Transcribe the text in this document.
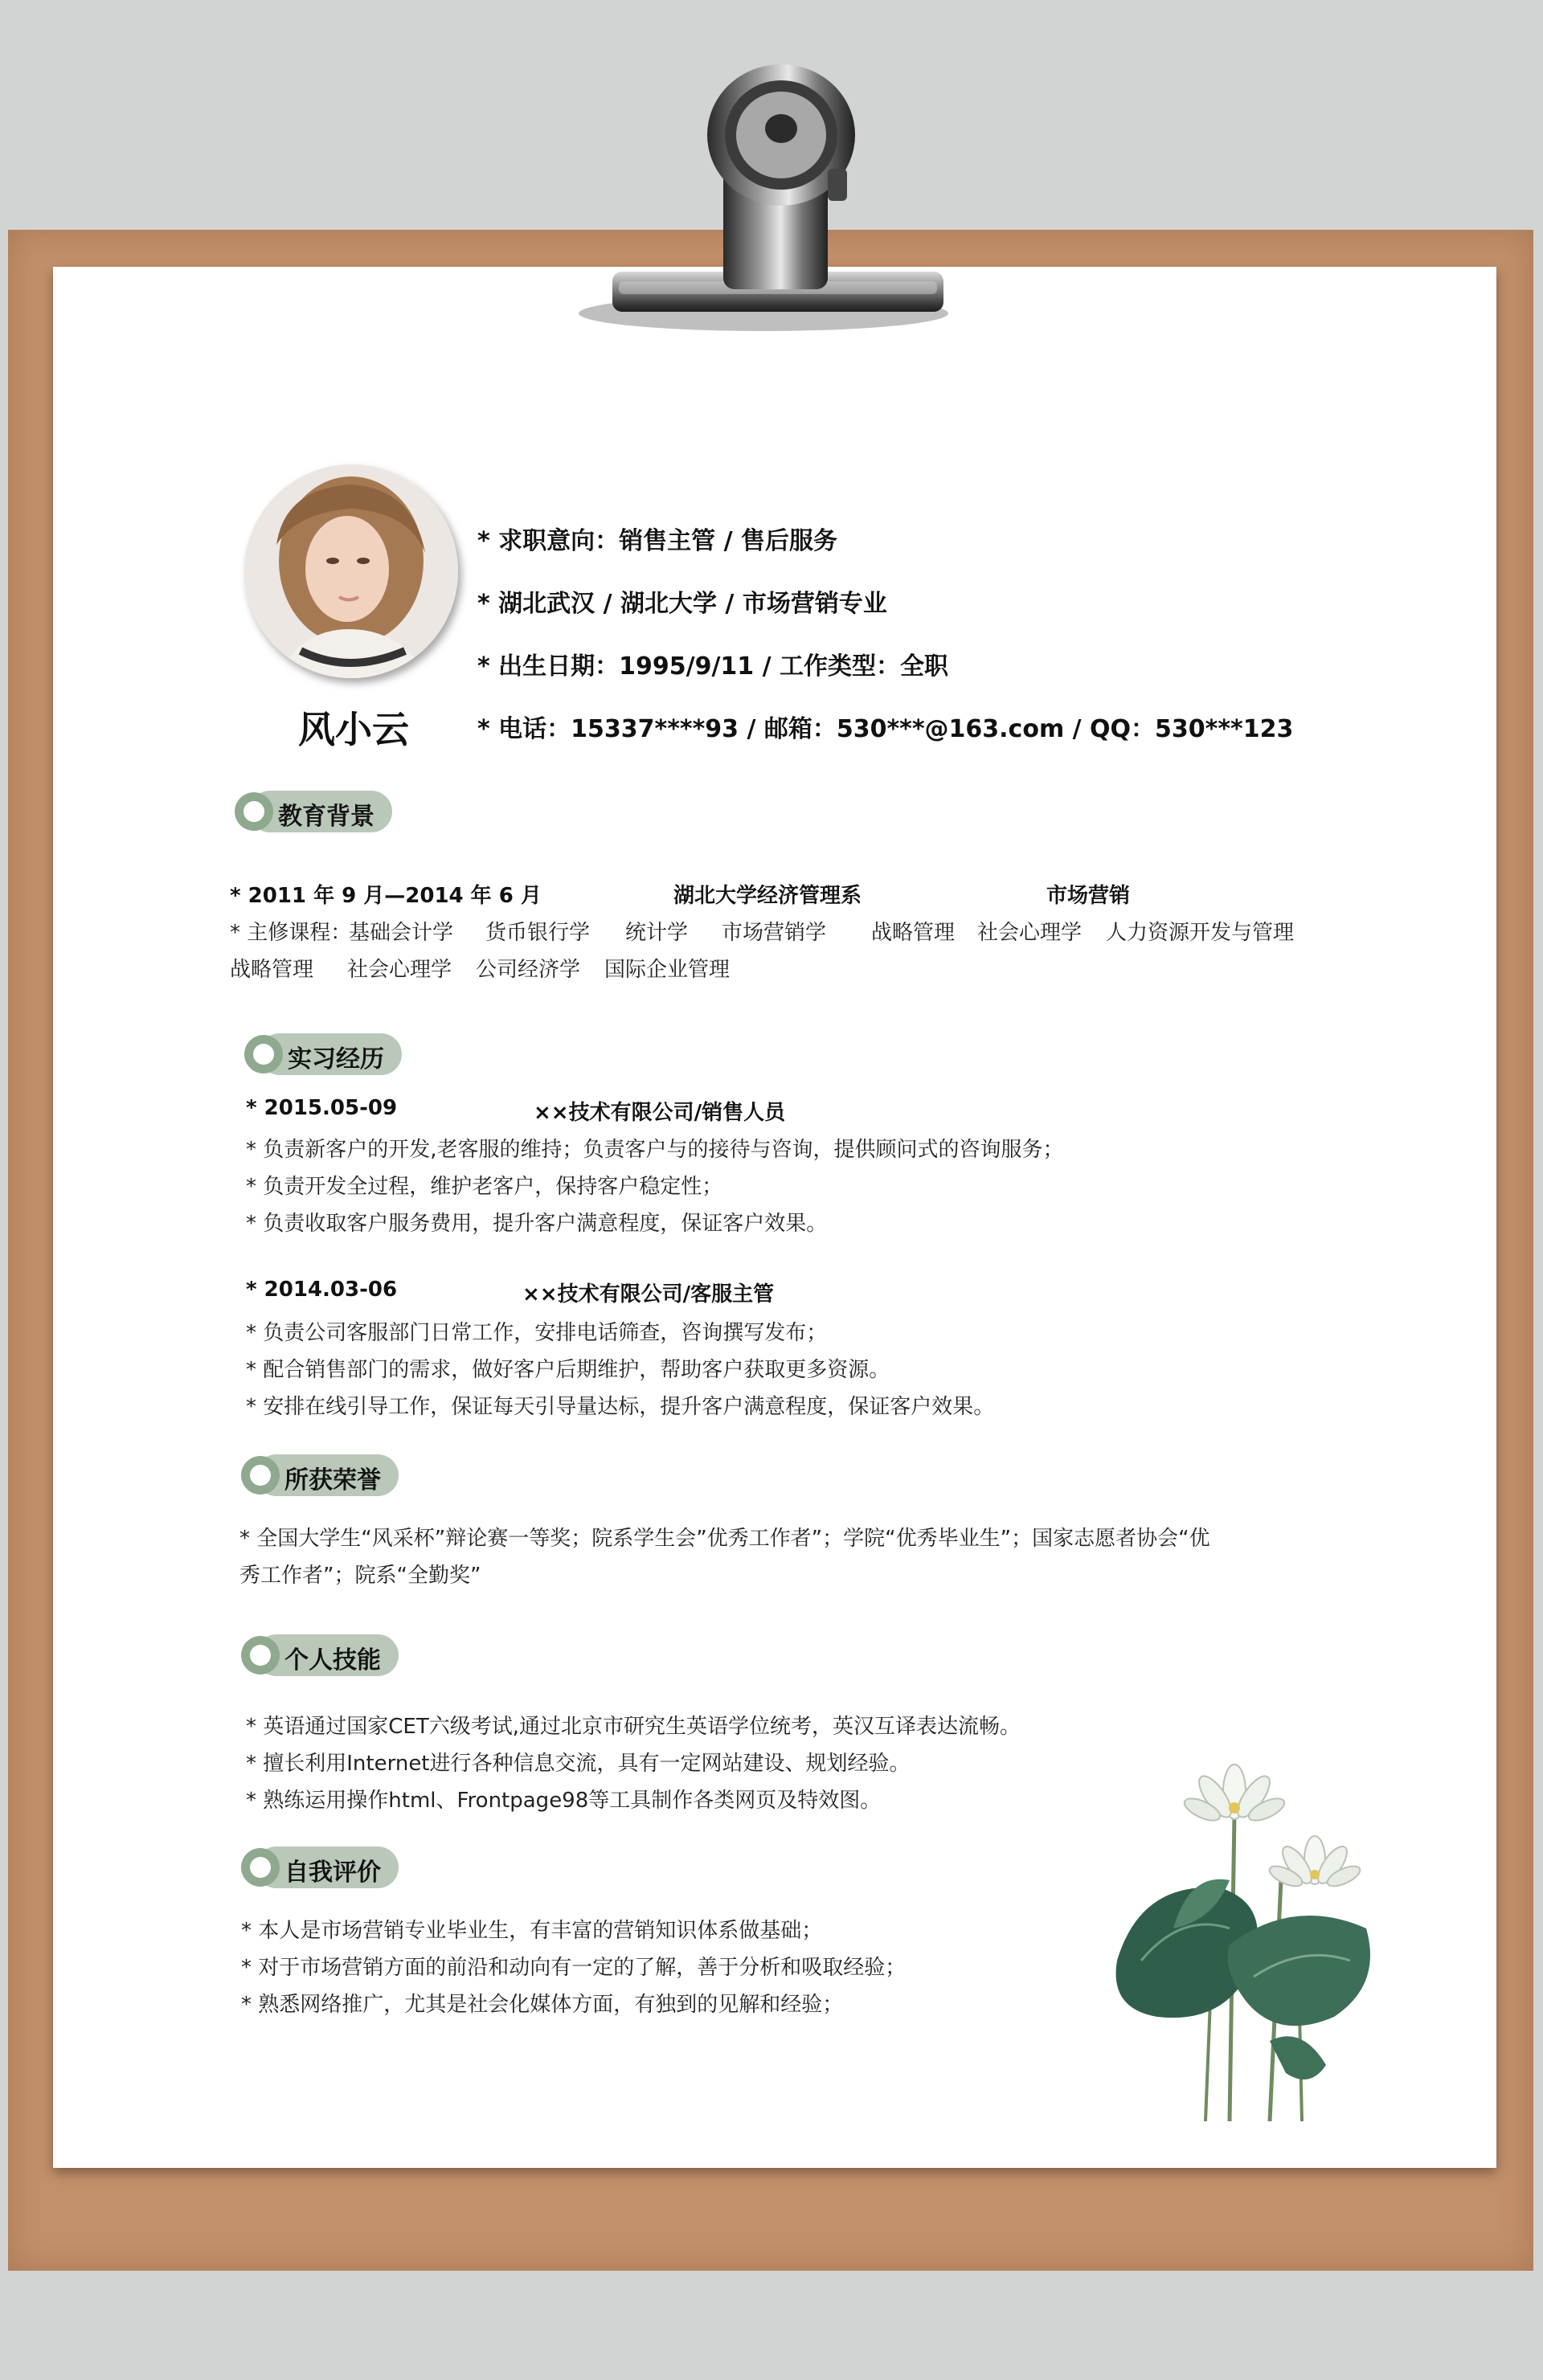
风小云
* 求职意向：销售主管 / 售后服务
* 湖北武汉 / 湖北大学 / 市场营销专业
* 出生日期：1995/9/11 / 工作类型：全职
* 电话：15337****93 / 邮箱：530***@163.com / QQ：530***123
教育背景
* 2011 年 9 月—2014 年 6 月	湖北大学经济管理系	市场营销
* 主修课程：
基础会计学 货币银行学 统计学 市场营销学 战略管理 社会心理学 人力资源开发与管理
战略管理 社会心理学 公司经济学 国际企业管理
实习经历
* 2015.05-09	××技术有限公司/销售人员
* 负责新客户的开发,老客服的维持；负责客户与的接待与咨询，提供顾问式的咨询服务；
* 负责开发全过程，维护老客户，保持客户稳定性；
* 负责收取客户服务费用，提升客户满意程度，保证客户效果。
* 2014.03-06	××技术有限公司/客服主管
* 负责公司客服部门日常工作，安排电话筛查，咨询撰写发布；
* 配合销售部门的需求，做好客户后期维护，帮助客户获取更多资源。
* 安排在线引导工作，保证每天引导量达标，提升客户满意程度，保证客户效果。
所获荣誉
* 全国大学生“风采杯”辩论赛一等奖；院系学生会”优秀工作者”；学院“优秀毕业生”；国家志愿者协会“优
秀工作者”；院系“全勤奖”
个人技能
* 英语通过国家CET六级考试,通过北京市研究生英语学位统考，英汉互译表达流畅。
* 擅长利用Internet进行各种信息交流，具有一定网站建设、规划经验。
* 熟练运用操作html、Frontpage98等工具制作各类网页及特效图。
自我评价
* 本人是市场营销专业毕业生，有丰富的营销知识体系做基础；
* 对于市场营销方面的前沿和动向有一定的了解，善于分析和吸取经验；
* 熟悉网络推广，尤其是社会化媒体方面，有独到的见解和经验；
